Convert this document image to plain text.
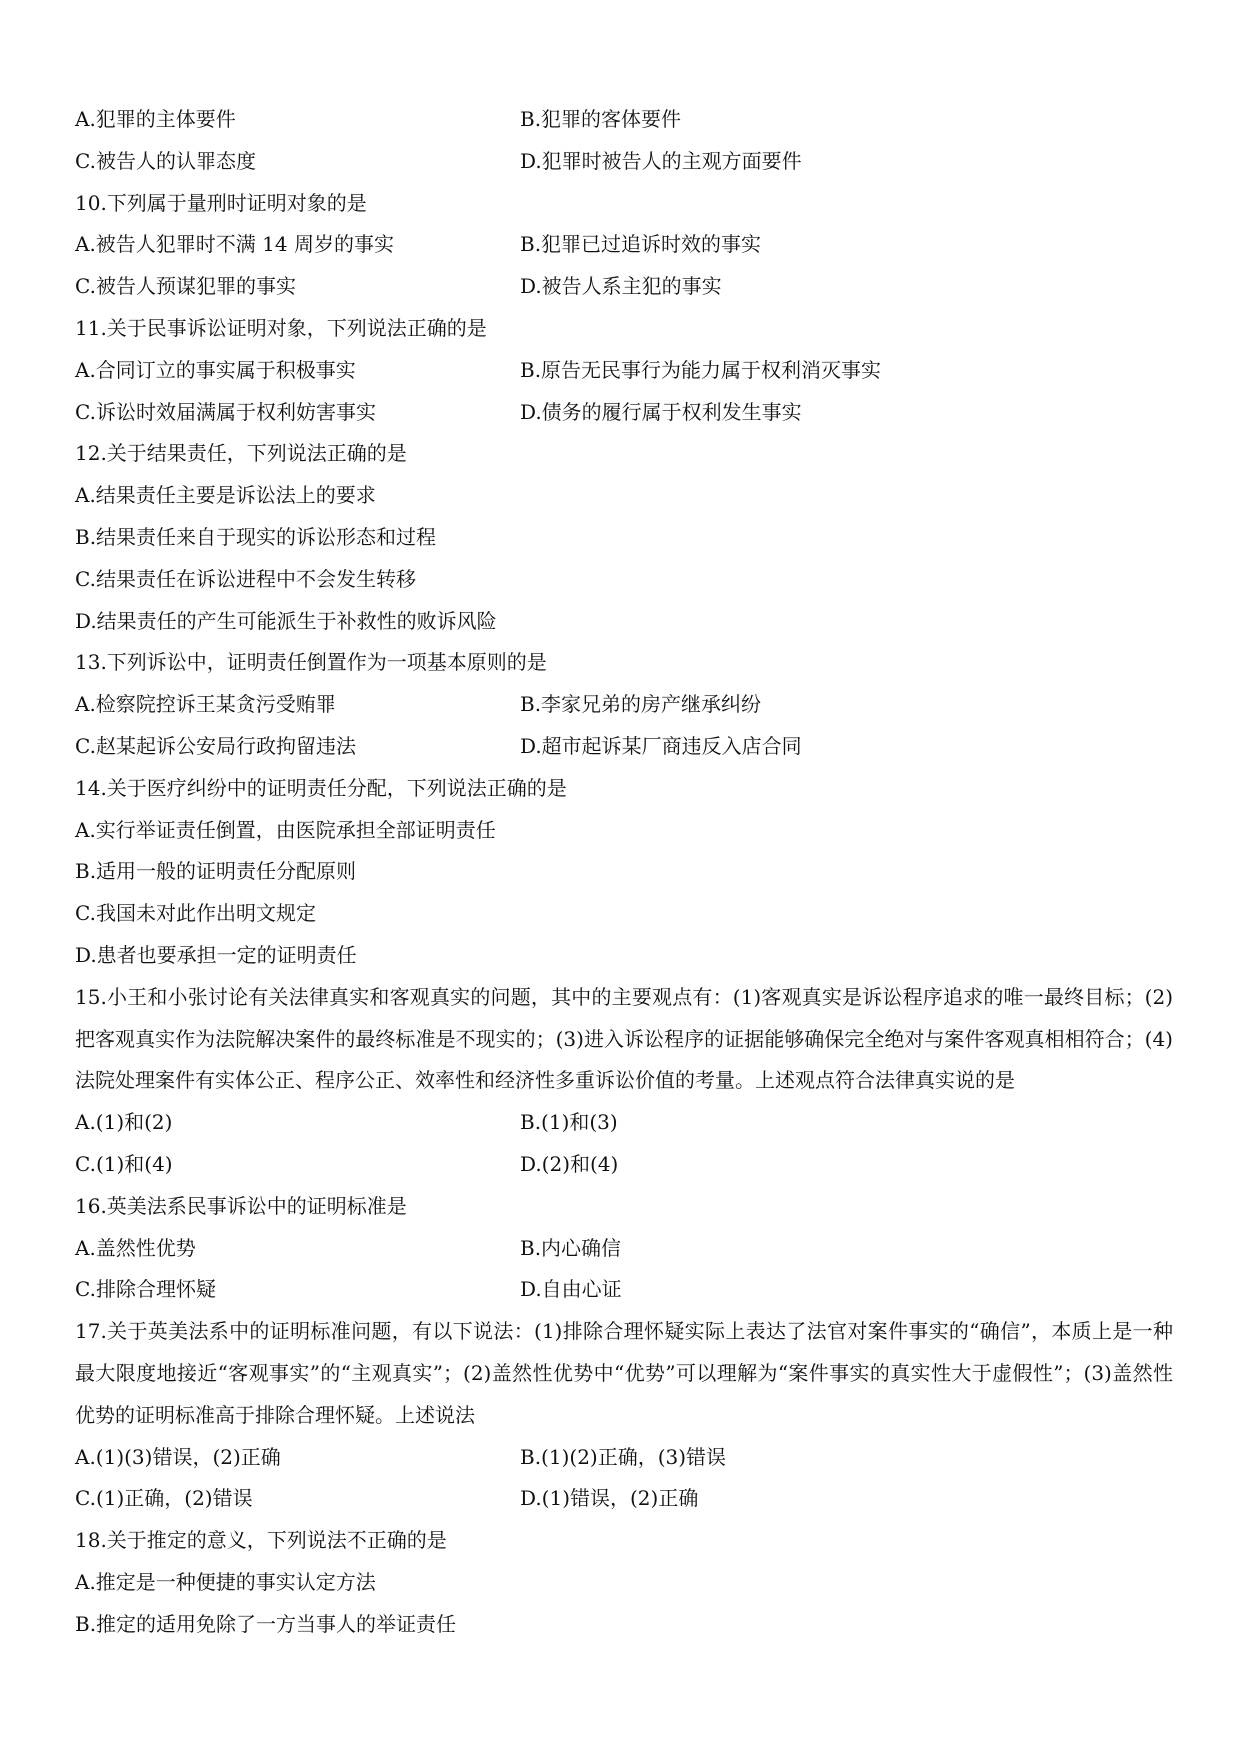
A.犯罪的主体要件	B.犯罪的客体要件
C.被告人的认罪态度	D.犯罪时被告人的主观方面要件
10.下列属于量刑时证明对象的是
A.被告人犯罪时不满 14 周岁的事实	B.犯罪已过追诉时效的事实
C.被告人预谋犯罪的事实	D.被告人系主犯的事实
11.关于民事诉讼证明对象，下列说法正确的是
A.合同订立的事实属于积极事实	B.原告无民事行为能力属于权利消灭事实
C.诉讼时效届满属于权利妨害事实	D.债务的履行属于权利发生事实
12.关于结果责任，下列说法正确的是
A.结果责任主要是诉讼法上的要求
B.结果责任来自于现实的诉讼形态和过程
C.结果责任在诉讼进程中不会发生转移
D.结果责任的产生可能派生于补救性的败诉风险
13.下列诉讼中，证明责任倒置作为一项基本原则的是
A.检察院控诉王某贪污受贿罪	B.李家兄弟的房产继承纠纷
C.赵某起诉公安局行政拘留违法	D.超市起诉某厂商违反入店合同
14.关于医疗纠纷中的证明责任分配，下列说法正确的是
A.实行举证责任倒置，由医院承担全部证明责任
B.适用一般的证明责任分配原则
C.我国未对此作出明文规定
D.患者也要承担一定的证明责任
15.小王和小张讨论有关法律真实和客观真实的问题，其中的主要观点有：(1)客观真实是诉讼程序追求的唯一最终目标；(2)把客观真实作为法院解决案件的最终标准是不现实的；(3)进入诉讼程序的证据能够确保完全绝对与案件客观真相相符合；(4)法院处理案件有实体公正、程序公正、效率性和经济性多重诉讼价值的考量。上述观点符合法律真实说的是
A.(1)和(2)	B.(1)和(3)
C.(1)和(4)	D.(2)和(4)
16.英美法系民事诉讼中的证明标准是
A.盖然性优势	B.内心确信
C.排除合理怀疑	D.自由心证
17.关于英美法系中的证明标准问题，有以下说法：(1)排除合理怀疑实际上表达了法官对案件事实的“确信”，本质上是一种最大限度地接近“客观事实”的“主观真实”；(2)盖然性优势中“优势”可以理解为“案件事实的真实性大于虚假性”；(3)盖然性优势的证明标准高于排除合理怀疑。上述说法
A.(1)(3)错误，(2)正确	B.(1)(2)正确，(3)错误
C.(1)正确，(2)错误	D.(1)错误，(2)正确
18.关于推定的意义，下列说法不正确的是
A.推定是一种便捷的事实认定方法
B.推定的适用免除了一方当事人的举证责任
